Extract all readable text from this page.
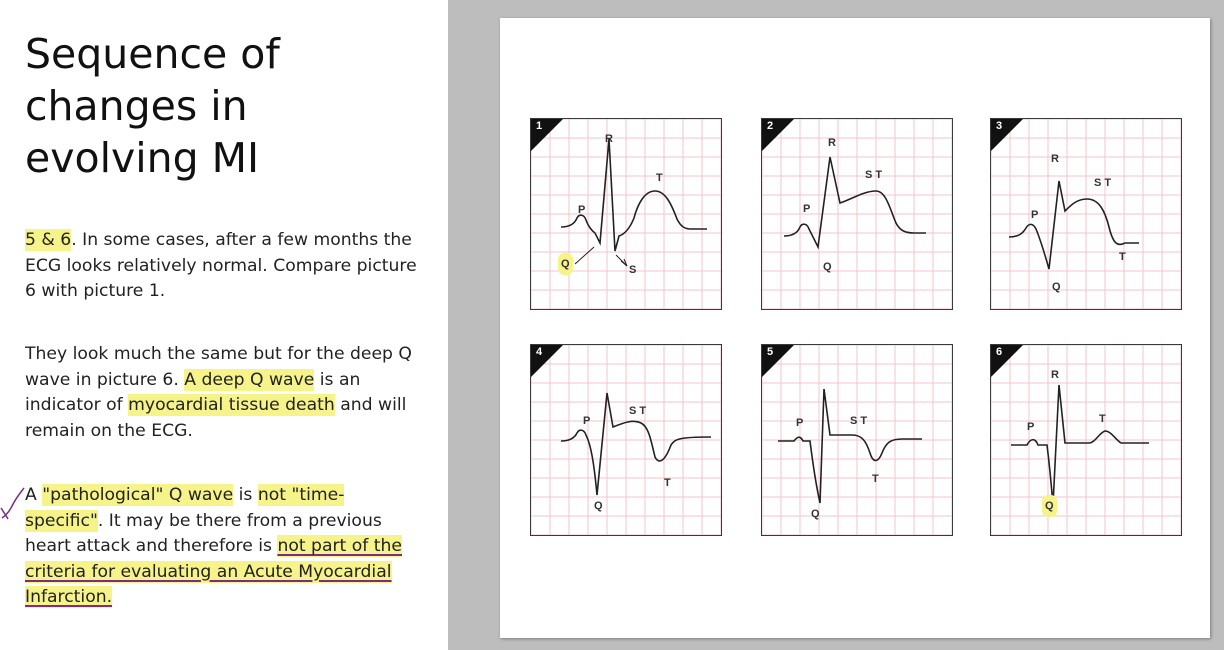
Sequence of changes in evolving MI

5 & 6. In some cases, after a few months the ECG looks relatively normal. Compare picture 6 with picture 1.

They look much the same but for the deep Q wave in picture 6. A deep Q wave is an indicator of myocardial tissue death and will remain on the ECG.

A "pathological" Q wave is not "time-specific". It may be there from a previous heart attack and therefore is not part of the criteria for evaluating an Acute Myocardial Infarction.

1
R
T
P
Q	S
2
R
S T
P
Q
3
R
S T
P
Q
T
4
P
S T
Q
T
5
P	S T
Q
T
6
R
P
T
Q
